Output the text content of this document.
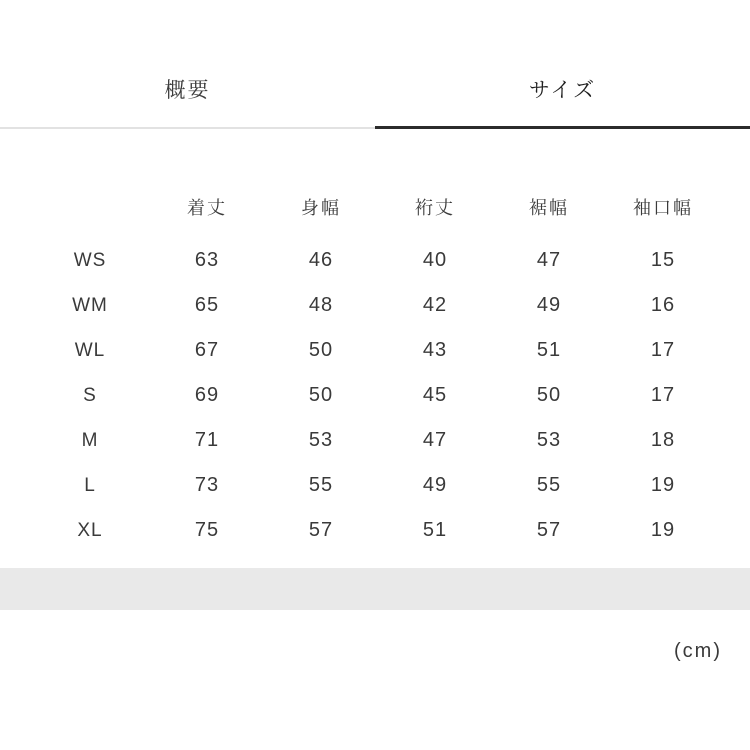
概要	サイズ
	着丈	身幅	裄丈	裾幅	袖口幅
WS	63	46	40	47	15
WM	65	48	42	49	16
WL	67	50	43	51	17
S	69	50	45	50	17
M	71	53	47	53	18
L	73	55	49	55	19
XL	75	57	51	57	19
(cm)
